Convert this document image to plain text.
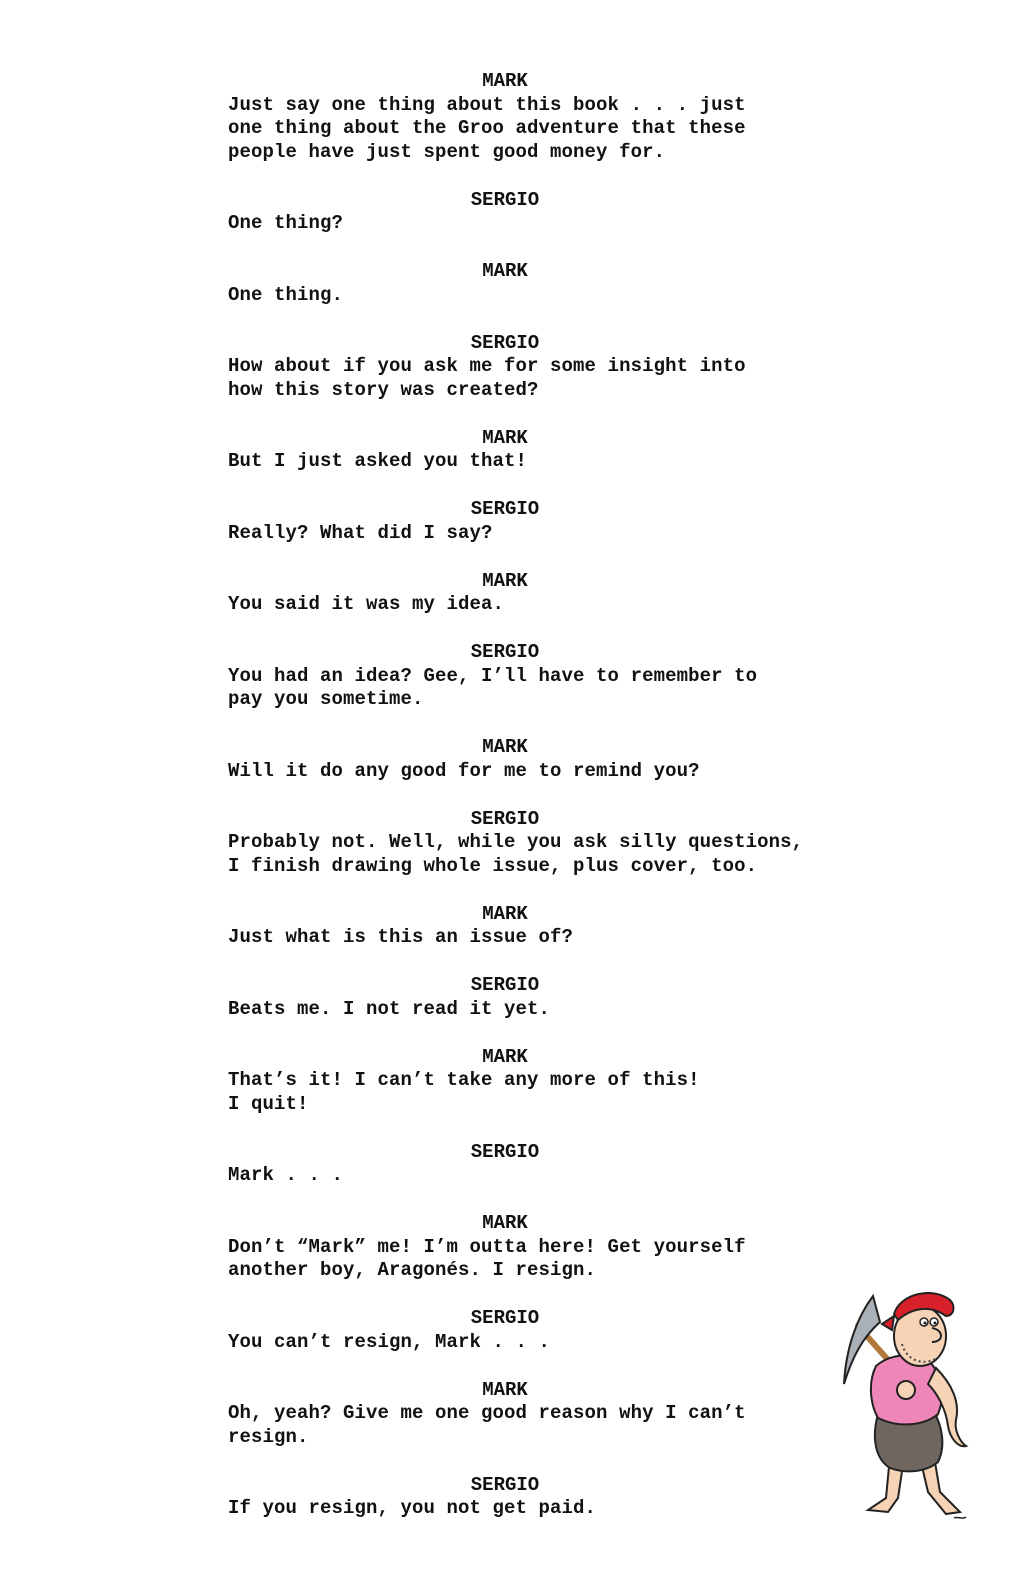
MARK
Just say one thing about this book . . . just
one thing about the Groo adventure that these
people have just spent good money for.
SERGIO
One thing?
MARK
One thing.
SERGIO
How about if you ask me for some insight into
how this story was created?
MARK
But I just asked you that!
SERGIO
Really? What did I say?
MARK
You said it was my idea.
SERGIO
You had an idea? Gee, I’ll have to remember to
pay you sometime.
MARK
Will it do any good for me to remind you?
SERGIO
Probably not. Well, while you ask silly questions,
I finish drawing whole issue, plus cover, too.
MARK
Just what is this an issue of?
SERGIO
Beats me. I not read it yet.
MARK
That’s it! I can’t take any more of this!
I quit!
SERGIO
Mark . . .
MARK
Don’t “Mark” me! I’m outta here! Get yourself
another boy, Aragonés. I resign.
SERGIO
You can’t resign, Mark . . .
MARK
Oh, yeah? Give me one good reason why I can’t
resign.
SERGIO
If you resign, you not get paid.
